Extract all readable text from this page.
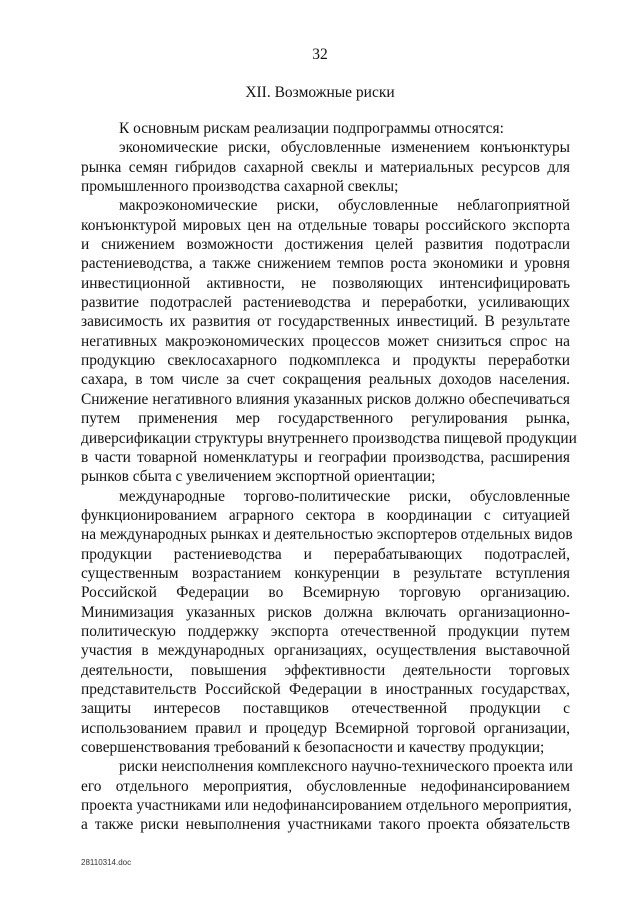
32
XII. Возможные риски
К основным рискам реализации подпрограммы относятся:
экономические риски, обусловленные изменением конъюнктуры
рынка семян гибридов сахарной свеклы и материальных ресурсов для
промышленного производства сахарной свеклы;
макроэкономические риски, обусловленные неблагоприятной
конъюнктурой мировых цен на отдельные товары российского экспорта
и снижением возможности достижения целей развития подотрасли
растениеводства, а также снижением темпов роста экономики и уровня
инвестиционной активности, не позволяющих интенсифицировать
развитие подотраслей растениеводства и переработки, усиливающих
зависимость их развития от государственных инвестиций. В результате
негативных макроэкономических процессов может снизиться спрос на
продукцию свеклосахарного подкомплекса и продукты переработки
сахара, в том числе за счет сокращения реальных доходов населения.
Снижение негативного влияния указанных рисков должно обеспечиваться
путем применения мер государственного регулирования рынка,
диверсификации структуры внутреннего производства пищевой продукции
в части товарной номенклатуры и географии производства, расширения
рынков сбыта с увеличением экспортной ориентации;
международные торгово-политические риски, обусловленные
функционированием аграрного сектора в координации с ситуацией
на международных рынках и деятельностью экспортеров отдельных видов
продукции растениеводства и перерабатывающих подотраслей,
существенным возрастанием конкуренции в результате вступления
Российской Федерации во Всемирную торговую организацию.
Минимизация указанных рисков должна включать организационно-
политическую поддержку экспорта отечественной продукции путем
участия в международных организациях, осуществления выставочной
деятельности, повышения эффективности деятельности торговых
представительств Российской Федерации в иностранных государствах,
защиты интересов поставщиков отечественной продукции с
использованием правил и процедур Всемирной торговой организации,
совершенствования требований к безопасности и качеству продукции;
риски неисполнения комплексного научно-технического проекта или
его отдельного мероприятия, обусловленные недофинансированием
проекта участниками или недофинансированием отдельного мероприятия,
а также риски невыполнения участниками такого проекта обязательств
28110314.doc
